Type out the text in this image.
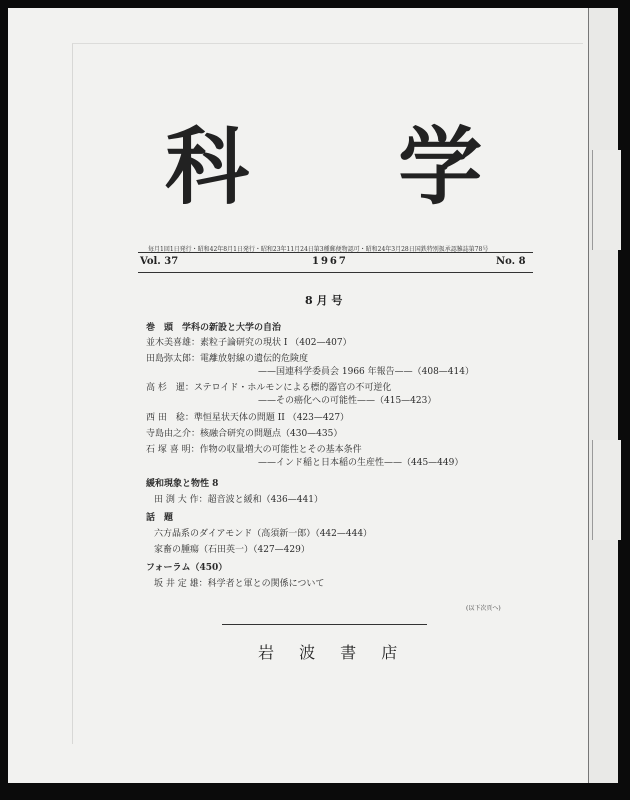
科 学
毎月1回1日発行・昭和42年8月1日発行・昭和23年11月24日第3種郵便物認可・昭和24年3月28日国鉄特別扱承認雑誌第78号
Vol. 37	1967	No. 8
8 月 号
巻　頭　学科の新設と大学の自治
並木美喜雄：素粒子論研究の現状 I （402—407）
田島弥太郎：電離放射線の遺伝的危険度
——国連科学委員会 1966 年報告——（408—414）
高 杉　暹：ステロイド・ホルモンによる標的器官の不可逆化
——その癌化への可能性——（415—423）
西 田　稔：準恒星状天体の問題 II （423—427）
寺島由之介：核融合研究の問題点（430—435）
石 塚 喜 明：作物の収量増大の可能性とその基本条件
——インド稲と日本稲の生産性——（445—449）
緩和現象と物性 8
田 渕 大 作：超音波と緩和（436—441）
話　題
六方晶系のダイアモンド（高須新一郎）（442—444）
家畜の腫瘍（石田英一）（427—429）
フォーラム（450）
坂 井 定 雄：科学者と軍との関係について
(以下次頁へ)
岩 波 書 店
